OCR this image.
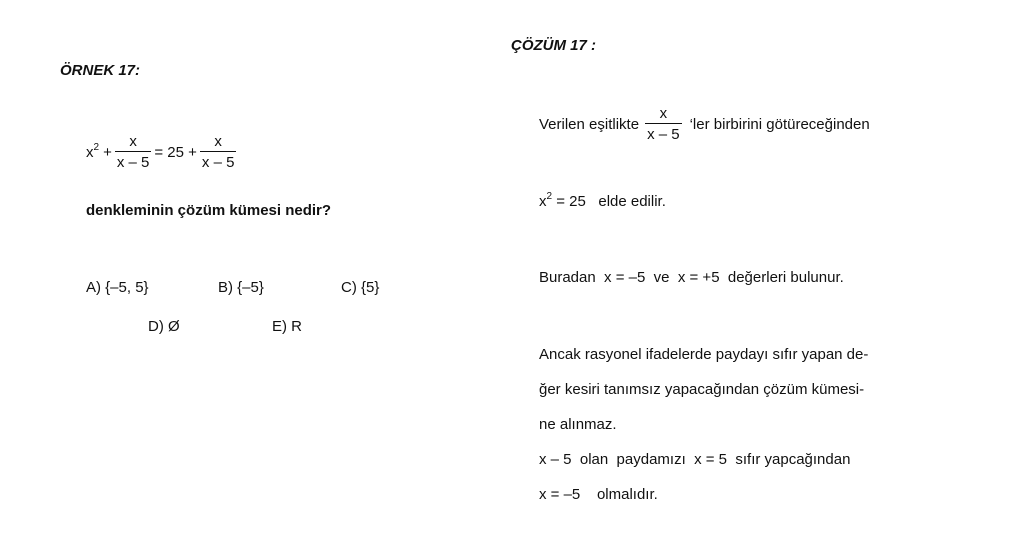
ÖRNEK 17:
$x^2 + \frac{x}{x - 5} = 25 + \frac{x}{x - 5}$
denkleminin çözüm kümesi nedir?
A) {–5, 5}	B) {–5}	C) {5}
D) Ø	E) R
ÇÖZÜM 17 :
Verilen eşitlikte $\frac{x}{x - 5}$ ‘ler birbirini götüreceğinden
$x^2 = 25$   elde edilir.
Buradan  x = –5  ve  x = +5  değerleri bulunur.
Ancak rasyonel ifadelerde paydayı sıfır yapan de-
ğer kesiri tanımsız yapacağından çözüm kümesi-
ne alınmaz.
x – 5  olan  paydamızı  x = 5  sıfır yapcağından
x = –5    olmalıdır.
